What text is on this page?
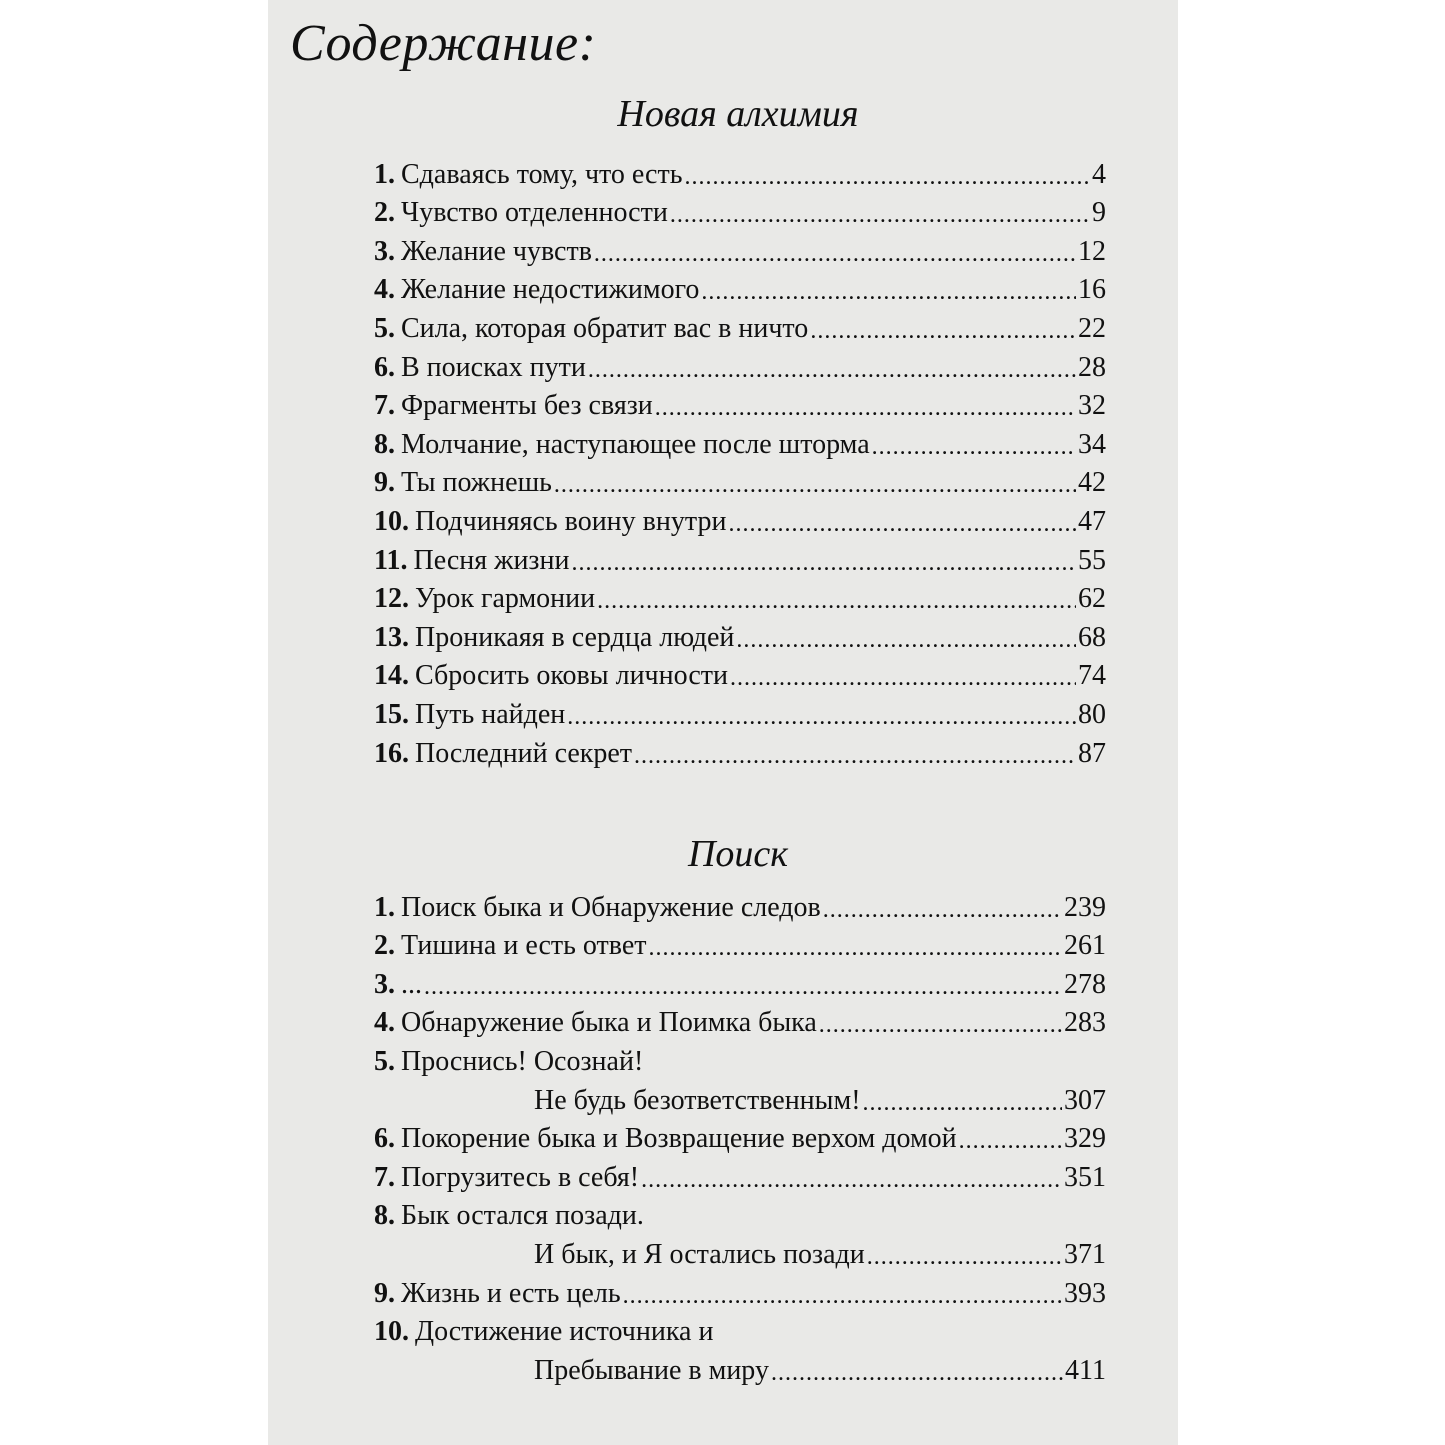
Содержание:
Новая алхимия
1. Сдаваясь тому, что есть .....	4
2. Чувство отделенности .....	9
3. Желание чувств .....	12
4. Желание недостижимого .....	16
5. Сила, которая обратит вас в ничто .....	22
6. В поисках пути .....	28
7. Фрагменты без связи .....	32
8. Молчание, наступающее после шторма .....	34
9. Ты пожнешь .....	42
10. Подчиняясь воину внутри .....	47
11. Песня жизни .....	55
12. Урок гармонии .....	62
13. Проникаяя в сердца людей .....	68
14. Сбросить оковы личности .....	74
15. Путь найден .....	80
16. Последний секрет .....	87
Поиск
1. Поиск быка и Обнаружение следов .....	239
2. Тишина и есть ответ .....	261
3. ... .....	278
4. Обнаружение быка и Поимка быка .....	283
5. Проснись! Осознай!
Не будь безответственным! .....	307
6. Покорение быка и Возвращение верхом домой .....	329
7. Погрузитесь в себя! .....	351
8. Бык остался позади.
И бык, и Я остались позади .....	371
9. Жизнь и есть цель .....	393
10. Достижение источника и
Пребывание в миру .....	411
